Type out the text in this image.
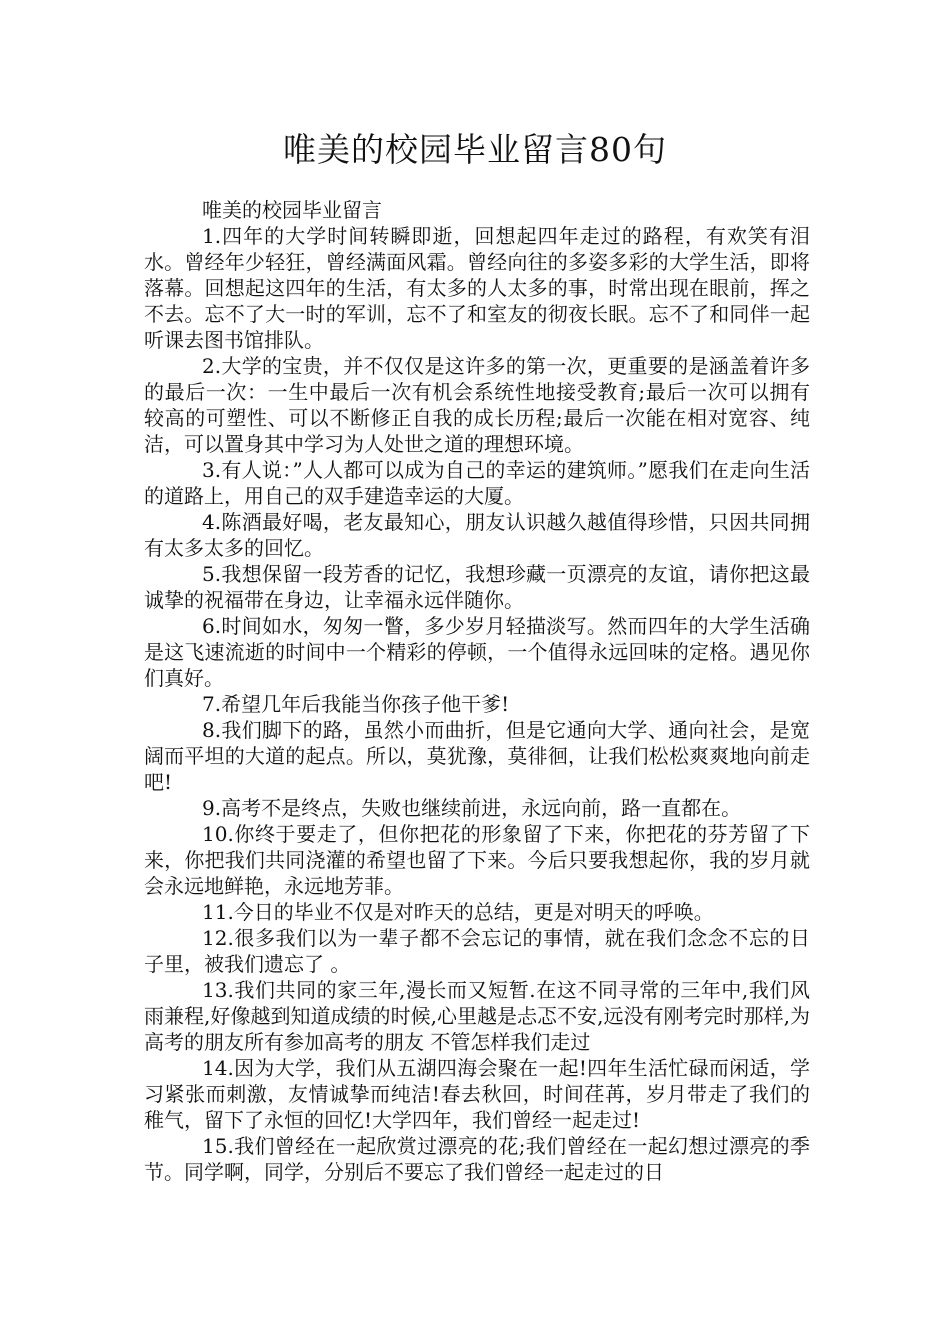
唯美的校园毕业留言80句

唯美的校园毕业留言

1.四年的大学时间转瞬即逝，回想起四年走过的路程，有欢笑有泪水。曾经年少轻狂，曾经满面风霜。曾经向往的多姿多彩的大学生活，即将落幕。回想起这四年的生活，有太多的人太多的事，时常出现在眼前，挥之不去。忘不了大一时的军训，忘不了和室友的彻夜长眠。忘不了和同伴一起听课去图书馆排队。

2.大学的宝贵，并不仅仅是这许多的第一次，更重要的是涵盖着许多的最后一次：一生中最后一次有机会系统性地接受教育;最后一次可以拥有较高的可塑性、可以不断修正自我的成长历程;最后一次能在相对宽容、纯洁，可以置身其中学习为人处世之道的理想环境。

3.有人说：”人人都可以成为自己的幸运的建筑师。”愿我们在走向生活的道路上，用自己的双手建造幸运的大厦。

4.陈酒最好喝，老友最知心，朋友认识越久越值得珍惜，只因共同拥有太多太多的回忆。

5.我想保留一段芳香的记忆，我想珍藏一页漂亮的友谊，请你把这最诚挚的祝福带在身边，让幸福永远伴随你。

6.时间如水，匆匆一瞥，多少岁月轻描淡写。然而四年的大学生活确是这飞速流逝的时间中一个精彩的停顿，一个值得永远回味的定格。遇见你们真好。

7.希望几年后我能当你孩子他干爹!

8.我们脚下的路，虽然小而曲折，但是它通向大学、通向社会，是宽阔而平坦的大道的起点。所以，莫犹豫，莫徘徊，让我们松松爽爽地向前走吧!

9.高考不是终点，失败也继续前进，永远向前，路一直都在。

10.你终于要走了，但你把花的形象留了下来，你把花的芬芳留了下来，你把我们共同浇灌的希望也留了下来。今后只要我想起你，我的岁月就会永远地鲜艳，永远地芳菲。

11.今日的毕业不仅是对昨天的总结，更是对明天的呼唤。

12.很多我们以为一辈子都不会忘记的事情，就在我们念念不忘的日子里，被我们遗忘了 。

13.我们共同的家三年,漫长而又短暂.在这不同寻常的三年中,我们风雨兼程,好像越到知道成绩的时候,心里越是忐忑不安,远没有刚考完时那样,为高考的朋友所有参加高考的朋友 不管怎样我们走过

14.因为大学，我们从五湖四海会聚在一起!四年生活忙碌而闲适，学习紧张而刺激，友情诚挚而纯洁!春去秋回，时间荏苒，岁月带走了我们的稚气，留下了永恒的回忆!大学四年，我们曾经一起走过!

15.我们曾经在一起欣赏过漂亮的花;我们曾经在一起幻想过漂亮的季节。同学啊，同学，分别后不要忘了我们曾经一起走过的日
